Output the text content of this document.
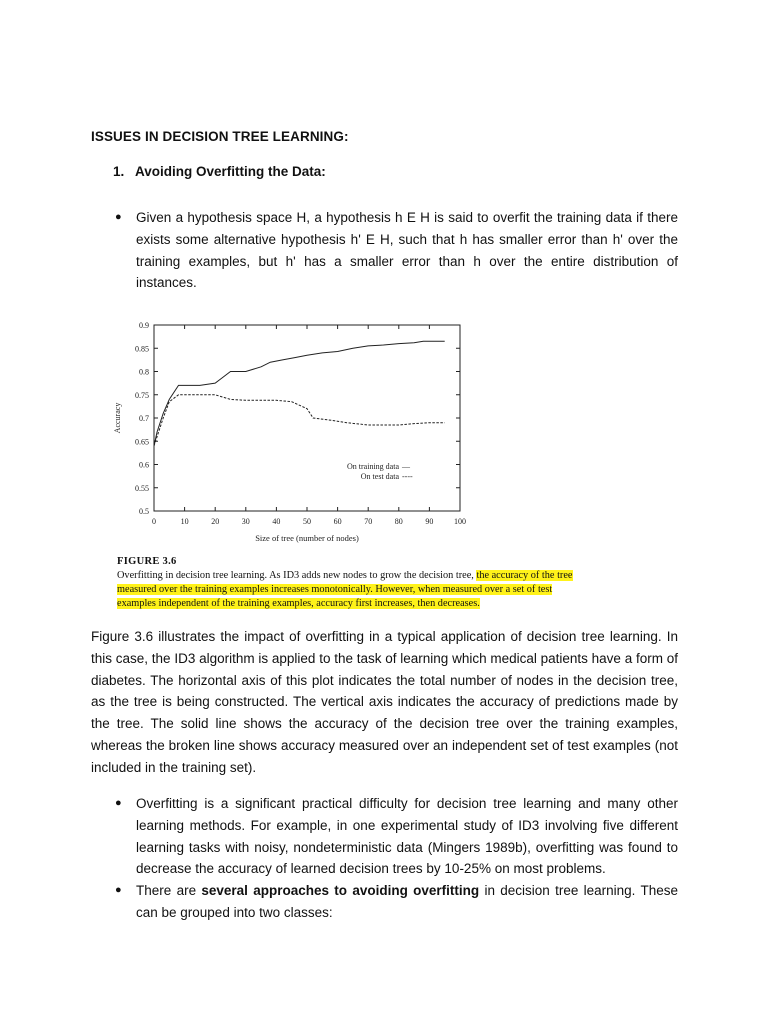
ISSUES IN DECISION TREE LEARNING:
1. Avoiding Overfitting the Data:
● Given a hypothesis space H, a hypothesis h E H is said to overfit the training data if there exists some alternative hypothesis h' E H, such that h has smaller error than h' over the training examples, but h' has a smaller error than h over the entire distribution of instances.
0.5
0.55
0.6
0.65
0.7
0.75
0.8
0.85
0.9
0	10	20	30	40	50	60	70	80	90	100
Accuracy
Size of tree (number of nodes)
On training data —
On test data ----
FIGURE 3.6
Overfitting in decision tree learning. As ID3 adds new nodes to grow the decision tree, the accuracy of the tree measured over the training examples increases monotonically. However, when measured over a set of test examples independent of the training examples, accuracy first increases, then decreases.
Figure 3.6 illustrates the impact of overfitting in a typical application of decision tree learning. In this case, the ID3 algorithm is applied to the task of learning which medical patients have a form of diabetes. The horizontal axis of this plot indicates the total number of nodes in the decision tree, as the tree is being constructed. The vertical axis indicates the accuracy of predictions made by the tree. The solid line shows the accuracy of the decision tree over the training examples, whereas the broken line shows accuracy measured over an independent set of test examples (not included in the training set).
● Overfitting is a significant practical difficulty for decision tree learning and many other learning methods. For example, in one experimental study of ID3 involving five different learning tasks with noisy, nondeterministic data (Mingers 1989b), overfitting was found to decrease the accuracy of learned decision trees by 10-25% on most problems.
● There are several approaches to avoiding overfitting in decision tree learning. These can be grouped into two classes:
